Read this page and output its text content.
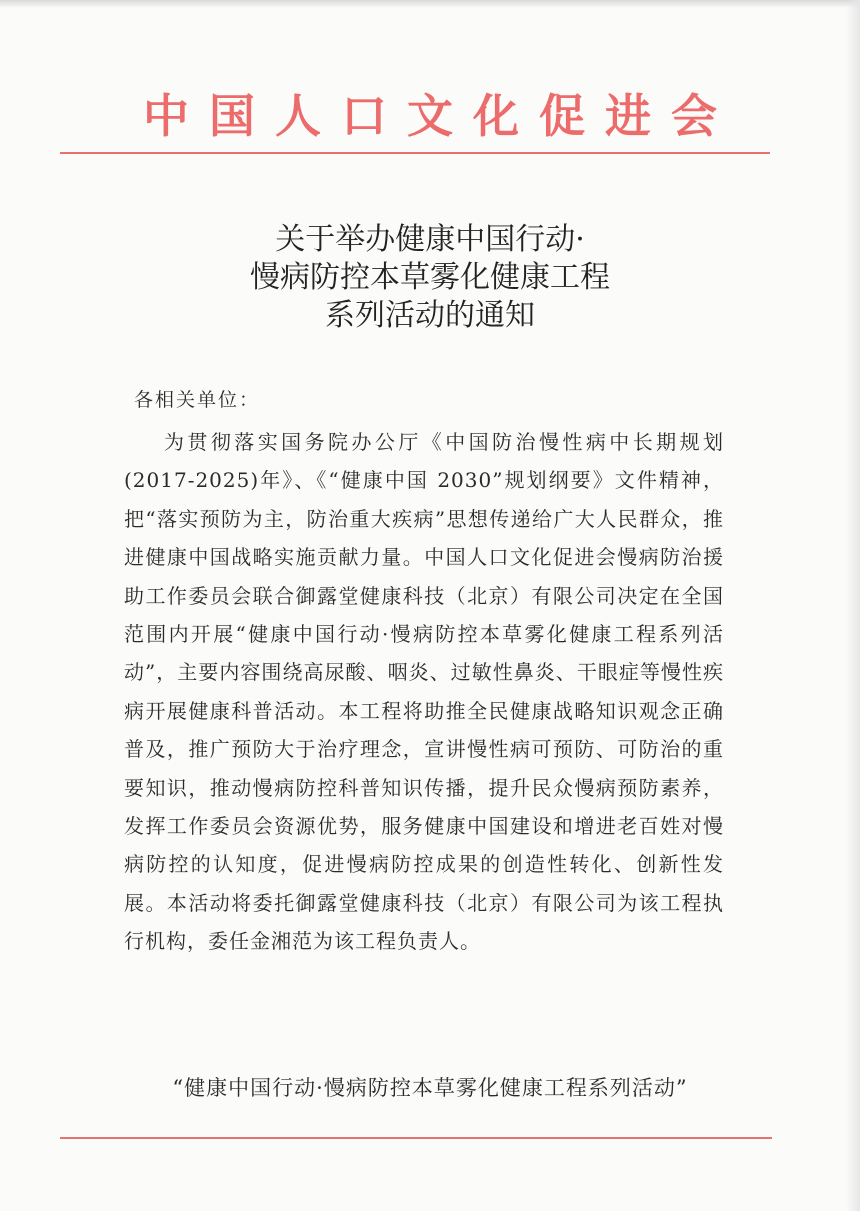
中国人口文化促进会
关于举办健康中国行动·
慢病防控本草雾化健康工程
系列活动的通知
各相关单位：
为贯彻落实国务院办公厅《中国防治慢性病中长期规划(2017-2025)年》、《“健康中国 2030”规划纲要》文件精神，把“落实预防为主，防治重大疾病”思想传递给广大人民群众，推进健康中国战略实施贡献力量。中国人口文化促进会慢病防治援助工作委员会联合御露堂健康科技（北京）有限公司决定在全国范围内开展“健康中国行动·慢病防控本草雾化健康工程系列活动”，主要内容围绕高尿酸、咽炎、过敏性鼻炎、干眼症等慢性疾病开展健康科普活动。本工程将助推全民健康战略知识观念正确普及，推广预防大于治疗理念，宣讲慢性病可预防、可防治的重要知识，推动慢病防控科普知识传播，提升民众慢病预防素养，发挥工作委员会资源优势，服务健康中国建设和增进老百姓对慢病防控的认知度，促进慢病防控成果的创造性转化、创新性发展。本活动将委托御露堂健康科技（北京）有限公司为该工程执行机构，委任金湘范为该工程负责人。
“健康中国行动·慢病防控本草雾化健康工程系列活动”
